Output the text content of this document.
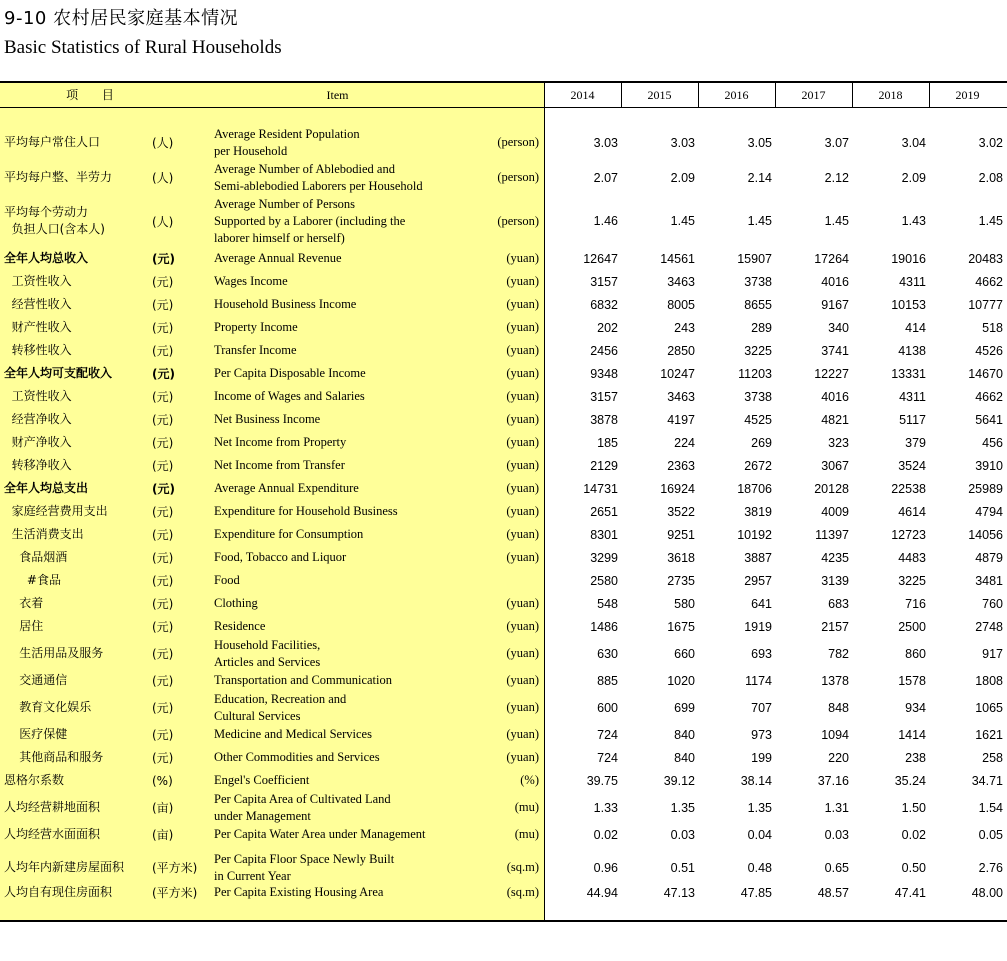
9-10 农村居民家庭基本情况
Basic Statistics of Rural Households
项 目	Item	2014	2015	2016	2017	2018	2019
平均每户常住人口	(人)
Average Resident Population
per Household
(person)	3.03	3.03	3.05	3.07	3.04	3.02
平均每户整、半劳力	(人)
Average Number of Ablebodied and
Semi-ablebodied Laborers per Household
(person)	2.07	2.09	2.14	2.12	2.09	2.08
平均每个劳动力
负担人口(含本人)
(人)
Average Number of Persons
Supported by a Laborer (including the
laborer himself or herself)
(person)	1.46	1.45	1.45	1.45	1.43	1.45
全年人均总收入	(元)	Average Annual Revenue	(yuan)	12647	14561	15907	17264	19016	20483
工资性收入	(元)	Wages Income	(yuan)	3157	3463	3738	4016	4311	4662
经营性收入	(元)	Household Business Income	(yuan)	6832	8005	8655	9167	10153	10777
财产性收入	(元)	Property Income	(yuan)	202	243	289	340	414	518
转移性收入	(元)	Transfer Income	(yuan)	2456	2850	3225	3741	4138	4526
全年人均可支配收入	(元)	Per Capita Disposable Income	(yuan)	9348	10247	11203	12227	13331	14670
工资性收入	(元)	Income of Wages and Salaries	(yuan)	3157	3463	3738	4016	4311	4662
经营净收入	(元)	Net Business Income	(yuan)	3878	4197	4525	4821	5117	5641
财产净收入	(元)	Net Income from Property	(yuan)	185	224	269	323	379	456
转移净收入	(元)	Net Income from Transfer	(yuan)	2129	2363	2672	3067	3524	3910
全年人均总支出	(元)	Average Annual Expenditure	(yuan)	14731	16924	18706	20128	22538	25989
家庭经营费用支出	(元)	Expenditure for Household Business	(yuan)	2651	3522	3819	4009	4614	4794
生活消费支出	(元)	Expenditure for Consumption	(yuan)	8301	9251	10192	11397	12723	14056
食品烟酒	(元)	Food, Tobacco and Liquor	(yuan)	3299	3618	3887	4235	4483	4879
#食品	(元)	Food	2580	2735	2957	3139	3225	3481
衣着	(元)	Clothing	(yuan)	548	580	641	683	716	760
居住	(元)	Residence	(yuan)	1486	1675	1919	2157	2500	2748
生活用品及服务	(元)
Household Facilities,
Articles and Services
(yuan)	630	660	693	782	860	917
交通通信	(元)	Transportation and Communication	(yuan)	885	1020	1174	1378	1578	1808
教育文化娱乐	(元)
Education, Recreation and
Cultural Services
(yuan)	600	699	707	848	934	1065
医疗保健	(元)	Medicine and Medical Services	(yuan)	724	840	973	1094	1414	1621
其他商品和服务	(元)	Other Commodities and Services	(yuan)	724	840	199	220	238	258
恩格尔系数	(%)	Engel's Coefficient	(%)	39.75	39.12	38.14	37.16	35.24	34.71
人均经营耕地面积	(亩)
Per Capita Area of Cultivated Land
under Management
(mu)	1.33	1.35	1.35	1.31	1.50	1.54
人均经营水面面积	(亩)	Per Capita Water Area under Management	(mu)	0.02	0.03	0.04	0.03	0.02	0.05
人均年内新建房屋面积	(平方米)
Per Capita Floor Space Newly Built
in Current Year
(sq.m)	0.96	0.51	0.48	0.65	0.50	2.76
人均自有现住房面积	(平方米)	Per Capita Existing Housing Area	(sq.m)	44.94	47.13	47.85	48.57	47.41	48.00
